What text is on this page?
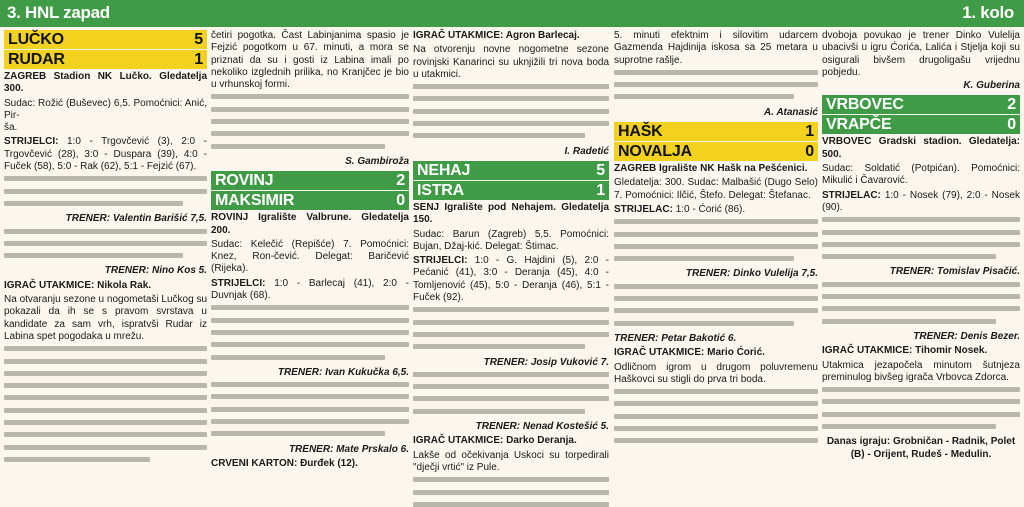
3. HNL zapad	1. kolo
LUČKO	5
RUDAR	1
ZAGREB Stadion NK Lučko. Gledatelja 300.
Sudac: Rožić (Buševec) 6,5. Pomoćnici: Anić, Pir-
ša.
STRIJELCI: 1:0 - Trgovčević (3), 2:0 - Trgovčević (28), 3:0 - Duspara (39), 4:0 - Fuček (58), 5:0 - Rak (62), 5:1 - Fejzić (67).
TRENER: Valentin Barišić 7,5.
TRENER: Nino Kos 5.
IGRAČ UTAKMICE: Nikola Rak.
Na otvaranju sezone u nogometaši Lučkog su pokazali da ih se s pravom svrstava u kandidate za sam vrh, ispratvši Rudar iz Labina spet pogodaka u mrežu.
četiri pogotka. Čast Labinjanima spasio je Fejzić pogotkom u 67. minuti, a mora se priznati da su i gosti iz Labina imali po nekoliko izglednih prilika, no Kranjčec je bio u vrhunskoj formi.
S. Gambiroža
ROVINJ	2
MAKSIMIR	0
ROVINJ Igralište Valbrune. Gledatelja 200.
Sudac: Kelečić (Repišće) 7. Pomoćnici: Knez, Ron-čević. Delegat: Baričević (Rijeka).
STRIJELCI: 1:0 - Barlecaj (41), 2:0 - Duvnjak (68).
TRENER: Ivan Kukučka 6,5.
TRENER: Mate Prskalo 6.
CRVENI KARTON: Đurđek (12).
IGRAČ UTAKMICE: Agron Barlecaj.
Na otvorenju novne nogometne sezone rovinjski Kanarinci su uknjižili tri nova boda u utakmici.
I. Radetić
NEHAJ	5
ISTRA	1
SENJ Igralište pod Nehajem. Gledatelja 150.
Sudac: Barun (Zagreb) 5,5. Pomoćnici: Bujan, Džaj-kić. Delegat: Štimac.
STRIJELCI: 1:0 - G. Hajdini (5), 2:0 - Pećanić (41), 3:0 - Deranja (45), 4:0 - Tomljenović (45), 5:0 - Deranja (46), 5:1 - Fuček (92).
TRENER: Josip Vuković 7.
TRENER: Nenad Kostešić 5.
IGRAČ UTAKMICE: Darko Deranja.
Lakše od očekivanja Uskoci su torpedirali "dječji vrtić" iz Pule.
5. minuti efektnim i silovitim udarcem Gazmenda Hajdinija iskosa sa 25 metara u suprotne rašlje.
A. Atanasić
HAŠK	1
NOVALJA	0
ZAGREB Igralište NK Hašk na Pešćenici.
Gledatelja: 300. Sudac: Malbašić (Dugo Selo) 7. Pomoćnici: Ilčić, Štefo. Delegat: Štefanac.
STRIJELAC: 1:0 - Ćorić (86).
TRENER: Dinko Vulelija 7,5.
TRENER: Petar Bakotić 6.
IGRAČ UTAKMICE: Mario Ćorić.
Odličnom igrom u drugom poluvremenu Haškovci su stigli do prva tri boda.
dvoboja povukao je trener Dinko Vulelija ubacivši u igru Ćorića, Lalića i Stjelja koji su osigurali bivšem drugoligašu vrijednu pobjedu.
K. Guberina
VRBOVEC	2
VRAPČE	0
VRBOVEC Gradski stadion. Gledatelja: 500.
Sudac: Soldatić (Potpićan). Pomoćnici: Mikulić i Čavarović.
STRIJELAC: 1:0 - Nosek (79), 2:0 - Nosek (90).
TRENER: Tomislav Pisačić.
TRENER: Denis Bezer.
IGRAČ UTAKMICE: Tihomir Nosek.
Utakmica jezapočela minutom šutnjeza preminulog bivšeg igrača Vrbovca Zdorca.
Danas igraju: Grobničan - Radnik, Polet (B) - Orijent, Rudeš - Medulin.
